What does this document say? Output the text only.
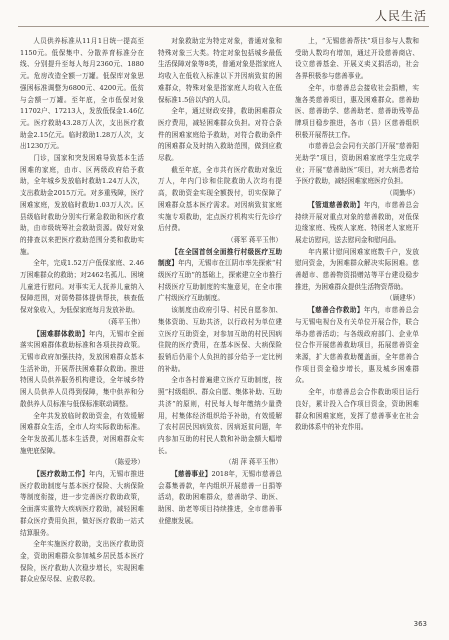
人民生活

人员供养标准从11月1日统一提高至1150元。低保集中、分散养育标准分在线、分别提升至每人每月2360元、1880元。危房改造全额一万罐。低保库对象思强困标准调整为6800元、4200元。低贫与会额一万罐。至年底，全市低保对象11702户、17213人，发放低保金1.46亿元。医疗救助43.28万人次，支出医疗救助金2.15亿元。临时救助1.28万人次，支出1230万元。

门诊，国家和突发困难导致基本生活困难的家庭，由市、区两级政府给予救助，全年城乡发放临时救助1.24万人次，支出救助金2015万元。对多重残障，医疗困难家庭，发放临时救助1.03万人次。区县级临时救助分别实行紧急救助和医疗救助，由市级统筹社会救助资源。做好对象的排查以来把医疗救助范围分类和救助实施。

全年，完成1.52万户低保家庭、2.46万困难群众的救助；对2462名孤儿、困境儿童进行慰问。对事实无人抚养儿童纳入保障范围，对弱势群体提供帮扶，核查低保对象收入，为低保家庭每月发放补助。

（蒋平玉伟）

【困难群体救助】年内，无锡市全面落实困难群体救助标准和各项扶持政策。无锡市政府加强扶持，发放困难群众基本生活补助，开展帮扶困难群众救助。推进特困人员供养服务机构建设，全年城乡特困人员供养人员得到保障，集中供养和分散供养人员标准与低保标准联动调整。

全年共发放临时救助资金，有效缓解困难群众生活，全市人均实际救助标准。全年发放孤儿基本生活费，对困难群众实施兜底保障。

（陈爱珍）

【医疗救助工作】年内，无锡市推进医疗救助制度与基本医疗保险、大病保险等制度衔接，进一步完善医疗救助政策，全面落实重特大疾病医疗救助，减轻困难群众医疗费用负担，做好医疗救助一站式结算服务。

全年实施医疗救助，支出医疗救助资金，资助困难群众参加城乡居民基本医疗保险，医疗救助人次稳步增长，实现困难群众应保尽保、应救尽救。

对象救助定为特定对象，普通对象和特殊对象三大类。特定对象包括城乡最低生活保障对象等8类，普通对象是指家庭人均收入在低收入标准以下并因病致贫的困难群众，特殊对象是指家庭人均收入在低保标准1.5倍以内的人员。

全年，通过财政安排，救助困难群众医疗费用，减轻困难群众负担。对符合条件的困难家庭给予救助，对符合救助条件的困难群众及时纳入救助范围，做到应救尽救。

截至年底，全市共有医疗救助对象近万人，年内门诊和住院救助人次均有提高，救助资金实现全额拨付，切实保障了困难群众基本医疗需求。对因病致贫家庭实施专项救助，定点医疗机构实行先诊疗后付费。

（蒋军 蒋平玉伟）

【在全国首创全面推行村级医疗互助制度】年内，无锡市在江阴市率先探索“村级医疗互助”的基础上，探索建立全市推行村级医疗互助制度的实施意见，在全市推广村级医疗互助制度。

该制度由政府引导、村民自愿参加、集体资助、互助共济，以行政村为单位建立医疗互助资金，对参加互助的村民因病住院的医疗费用，在基本医保、大病保险报销后仍需个人负担的部分给予一定比例的补助。

全市各村普遍建立医疗互助制度，按照“村级组织、群众自愿、集体补助、互助共济”的原则，村民每人每年缴纳少量费用，村集体经济组织给予补助，有效缓解了农村居民因病致贫、因病返贫问题，年内参加互助的村民人数和补助金额大幅增长。

（胡 萍 蒋平玉伟）

【慈善事业】2018年，无锡市慈善总会募集善款，年内组织开展慈善一日捐等活动，救助困难群众，慈善助学、助医、助困、助老等项目持续推进，全市慈善事业健康发展。

上，“无锡慈善帮扶”项目参与人数和受助人数均有增加，通过开设慈善商店、设立慈善基金、开展义卖义捐活动，社会各界积极参与慈善事业。

全年，市慈善总会接收社会捐赠，实施各类慈善项目，惠及困难群众。慈善助医、慈善助学、慈善助老、慈善助残等品牌项目稳步推进，各市（县）区慈善组织积极开展帮扶工作。

市慈善总会会同有关部门开展“慈善阳光助学”项目，资助困难家庭学生完成学业；开展“慈善助医”项目，对大病患者给予医疗救助，减轻困难家庭医疗负担。

（周勤华）

【管道慈善救助】年内，市慈善总会持续开展对重点对象的慈善救助，对低保边缘家庭、残疾人家庭、特困老人家庭开展走访慰问，送去慰问金和慰问品。

年内累计慰问困难家庭数千户，发放慰问资金，为困难群众解决实际困难。慈善超市、慈善物资捐赠站等平台建设稳步推进，为困难群众提供生活物资帮助。

（顾建华）

【慈善合作救助】年内，市慈善总会与无锡电视台及有关单位开展合作，联合举办慈善活动；与各级政府部门、企业单位合作开展慈善救助项目，拓展慈善资金来源，扩大慈善救助覆盖面，全年慈善合作项目资金稳步增长，惠及城乡困难群众。

全年，市慈善总会合作救助项目运行良好，累计投入合作项目资金，资助困难群众和困难家庭，发挥了慈善事业在社会救助体系中的补充作用。

363
